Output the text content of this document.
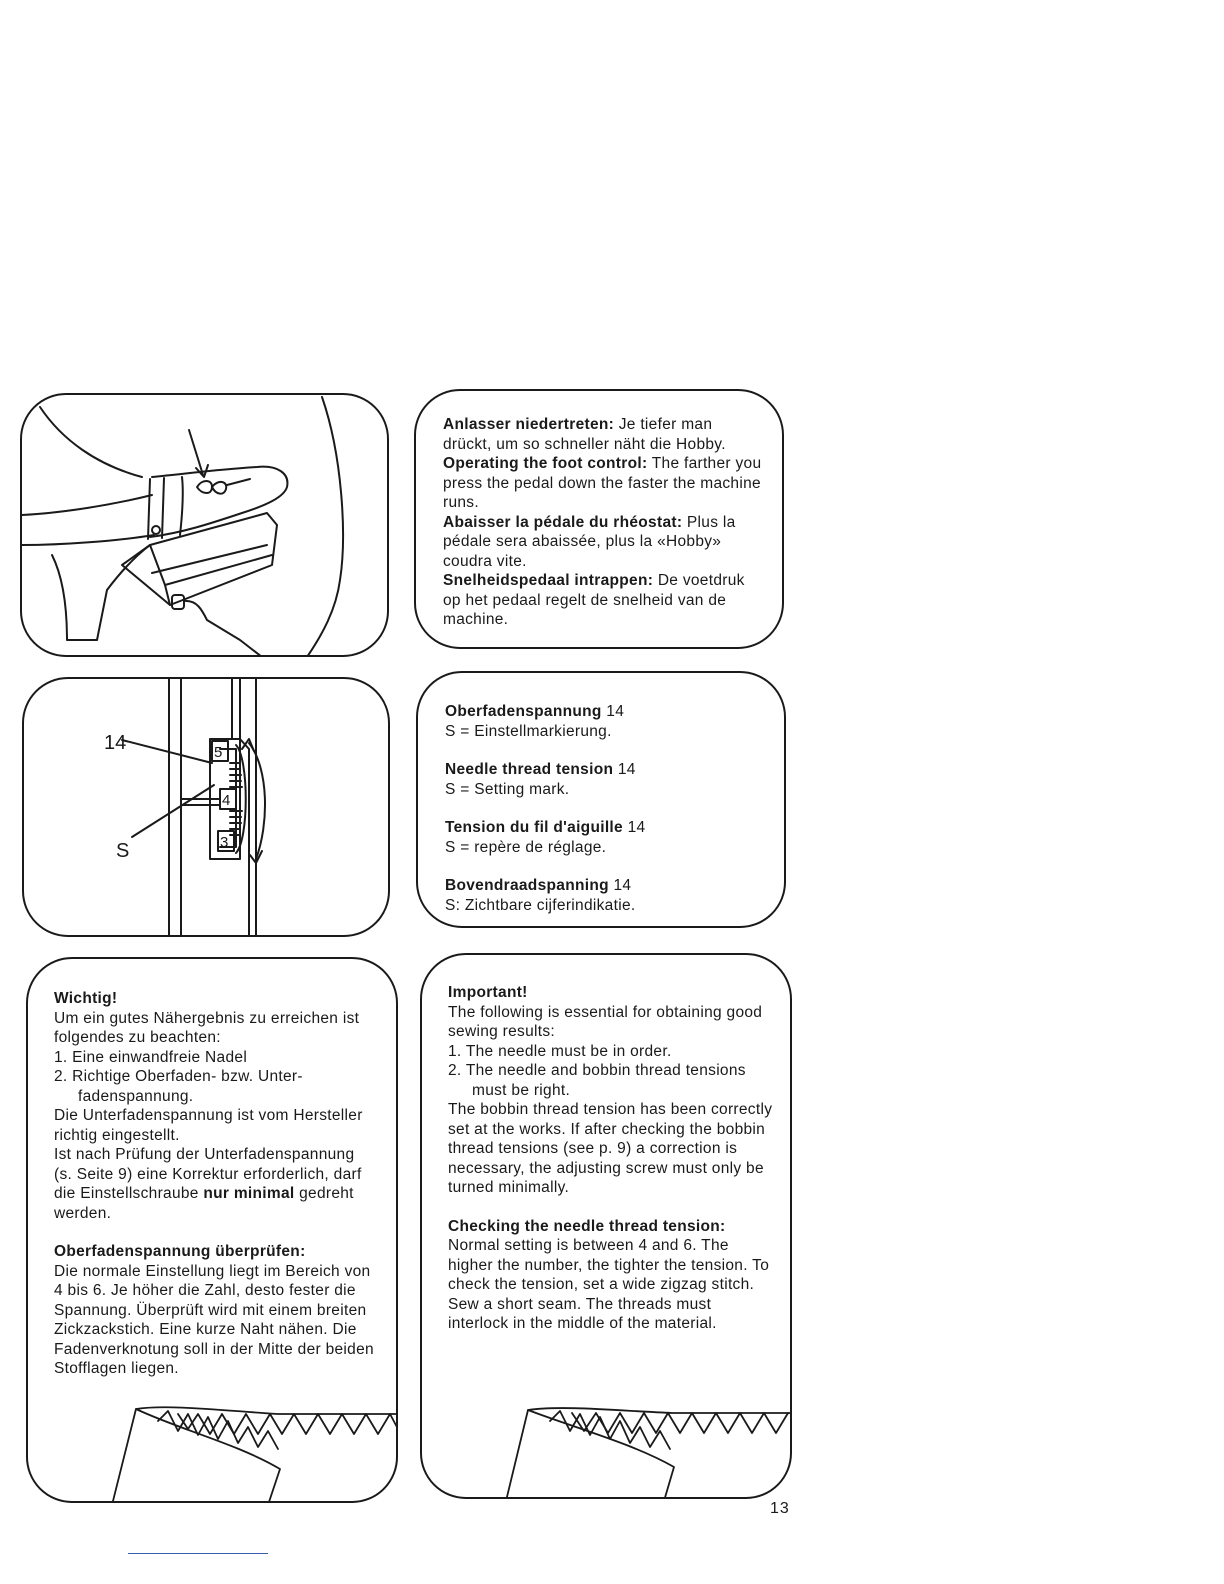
Anlasser niedertreten: Je tiefer man drückt, um so schneller näht die Hobby.

Operating the foot control: The farther you press the pedal down the faster the machine runs.

Abaisser la pédale du rhéostat: Plus la pédale sera abaissée, plus la «Hobby» coudra vite.

Snelheidspedaal intrappen: De voetdruk op het pedaal regelt de snelheid van de machine.

5
4
3
14
S

Oberfadenspannung 14

S = Einstellmarkierung.

Needle thread tension 14

S = Setting mark.

Tension du fil d'aiguille 14

S = repère de réglage.

Bovendraadspanning 14

S: Zichtbare cijferindikatie.

Wichtig!

Um ein gutes Nähergebnis zu erreichen ist folgendes zu beachten:

1. Eine einwandfreie Nadel

2. Richtige Oberfaden- bzw. Unter-fadenspannung.

Die Unterfadenspannung ist vom Hersteller richtig eingestellt.

Ist nach Prüfung der Unterfadenspannung (s. Seite 9) eine Korrektur erforderlich, darf die Einstellschraube nur minimal gedreht werden.

Oberfadenspannung überprüfen:

Die normale Einstellung liegt im Bereich von 4 bis 6. Je höher die Zahl, desto fester die Spannung. Überprüft wird mit einem breiten Zickzackstich. Eine kurze Naht nähen. Die Fadenverknotung soll in der Mitte der beiden Stofflagen liegen.

Important!

The following is essential for obtaining good sewing results:

1. The needle must be in order.

2. The needle and bobbin thread tensions must be right.

The bobbin thread tension has been correctly set at the works. If after checking the bobbin thread tensions (see p. 9) a correction is necessary, the adjusting screw must only be turned minimally.

Checking the needle thread tension:

Normal setting is between 4 and 6. The higher the number, the tighter the tension. To check the tension, set a wide zigzag stitch. Sew a short seam. The threads must interlock in the middle of the material.

13
